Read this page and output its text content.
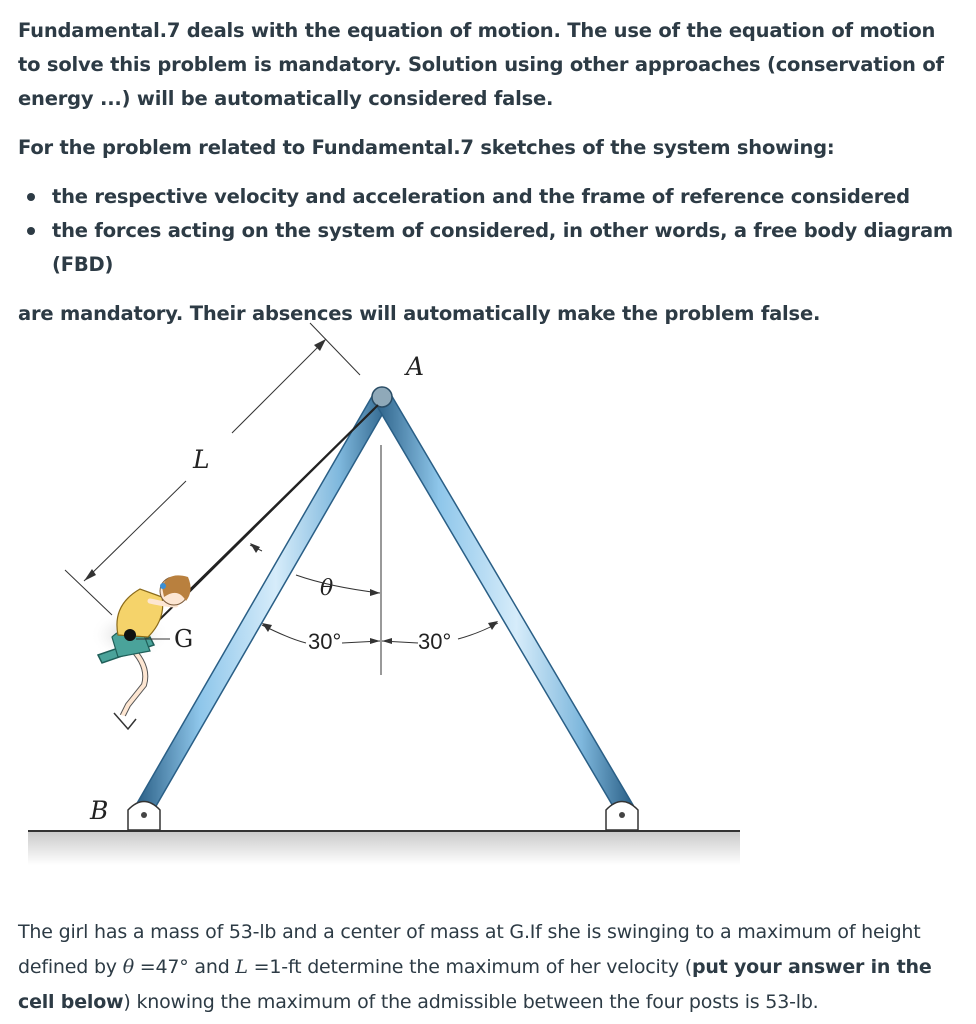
Fundamental.7 deals with the equation of motion. The use of the equation of motion to solve this problem is mandatory. Solution using other approaches (conservation of energy ...) will be automatically considered false.

For the problem related to Fundamental.7 sketches of the system showing:

the respective velocity and acceleration and the frame of reference considered
the forces acting on the system of considered, in other words, a free body diagram (FBD)

are mandatory. Their absences will automatically make the problem false.

L
A
B
G
θ
30°	30°
The girl has a mass of 53-lb and a center of mass at G.If she is swinging to a maximum of height defined by θ =47° and L =1-ft determine the maximum of her velocity (put your answer in the cell below) knowing the maximum of the admissible between the four posts is 53-lb.
